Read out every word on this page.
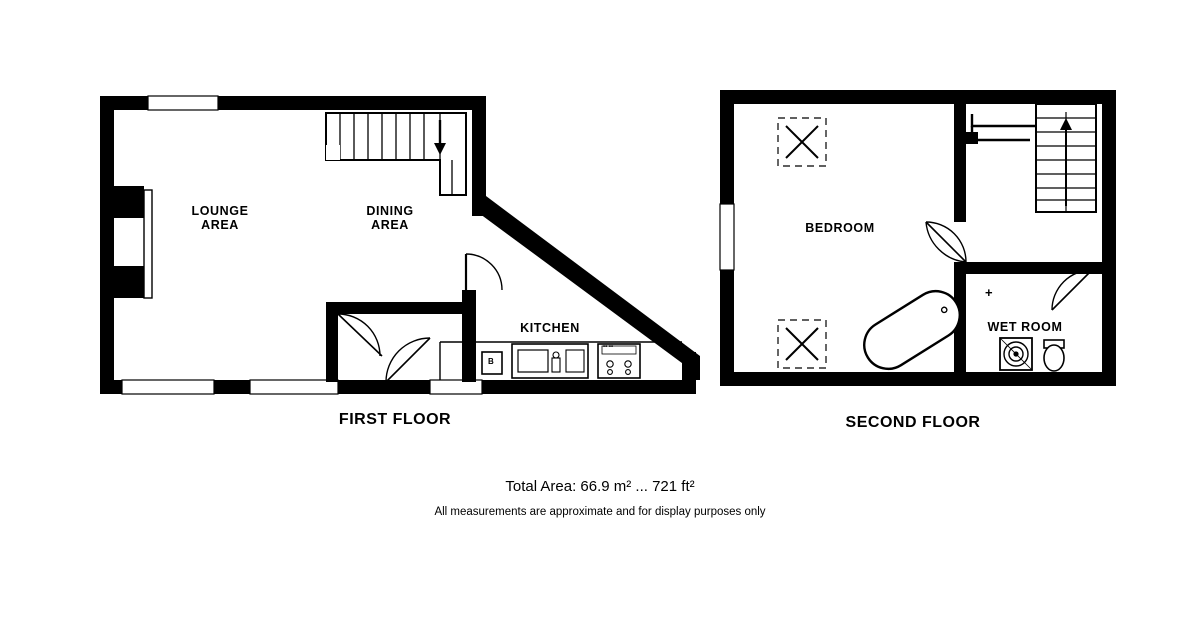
LOUNGE
AREA
DINING
AREA
KITCHEN
BEDROOM
WET ROOM
B
•• ••
+
FIRST FLOOR	SECOND FLOOR
Total Area: 66.9 m² ... 721 ft²
All measurements are approximate and for display purposes only
